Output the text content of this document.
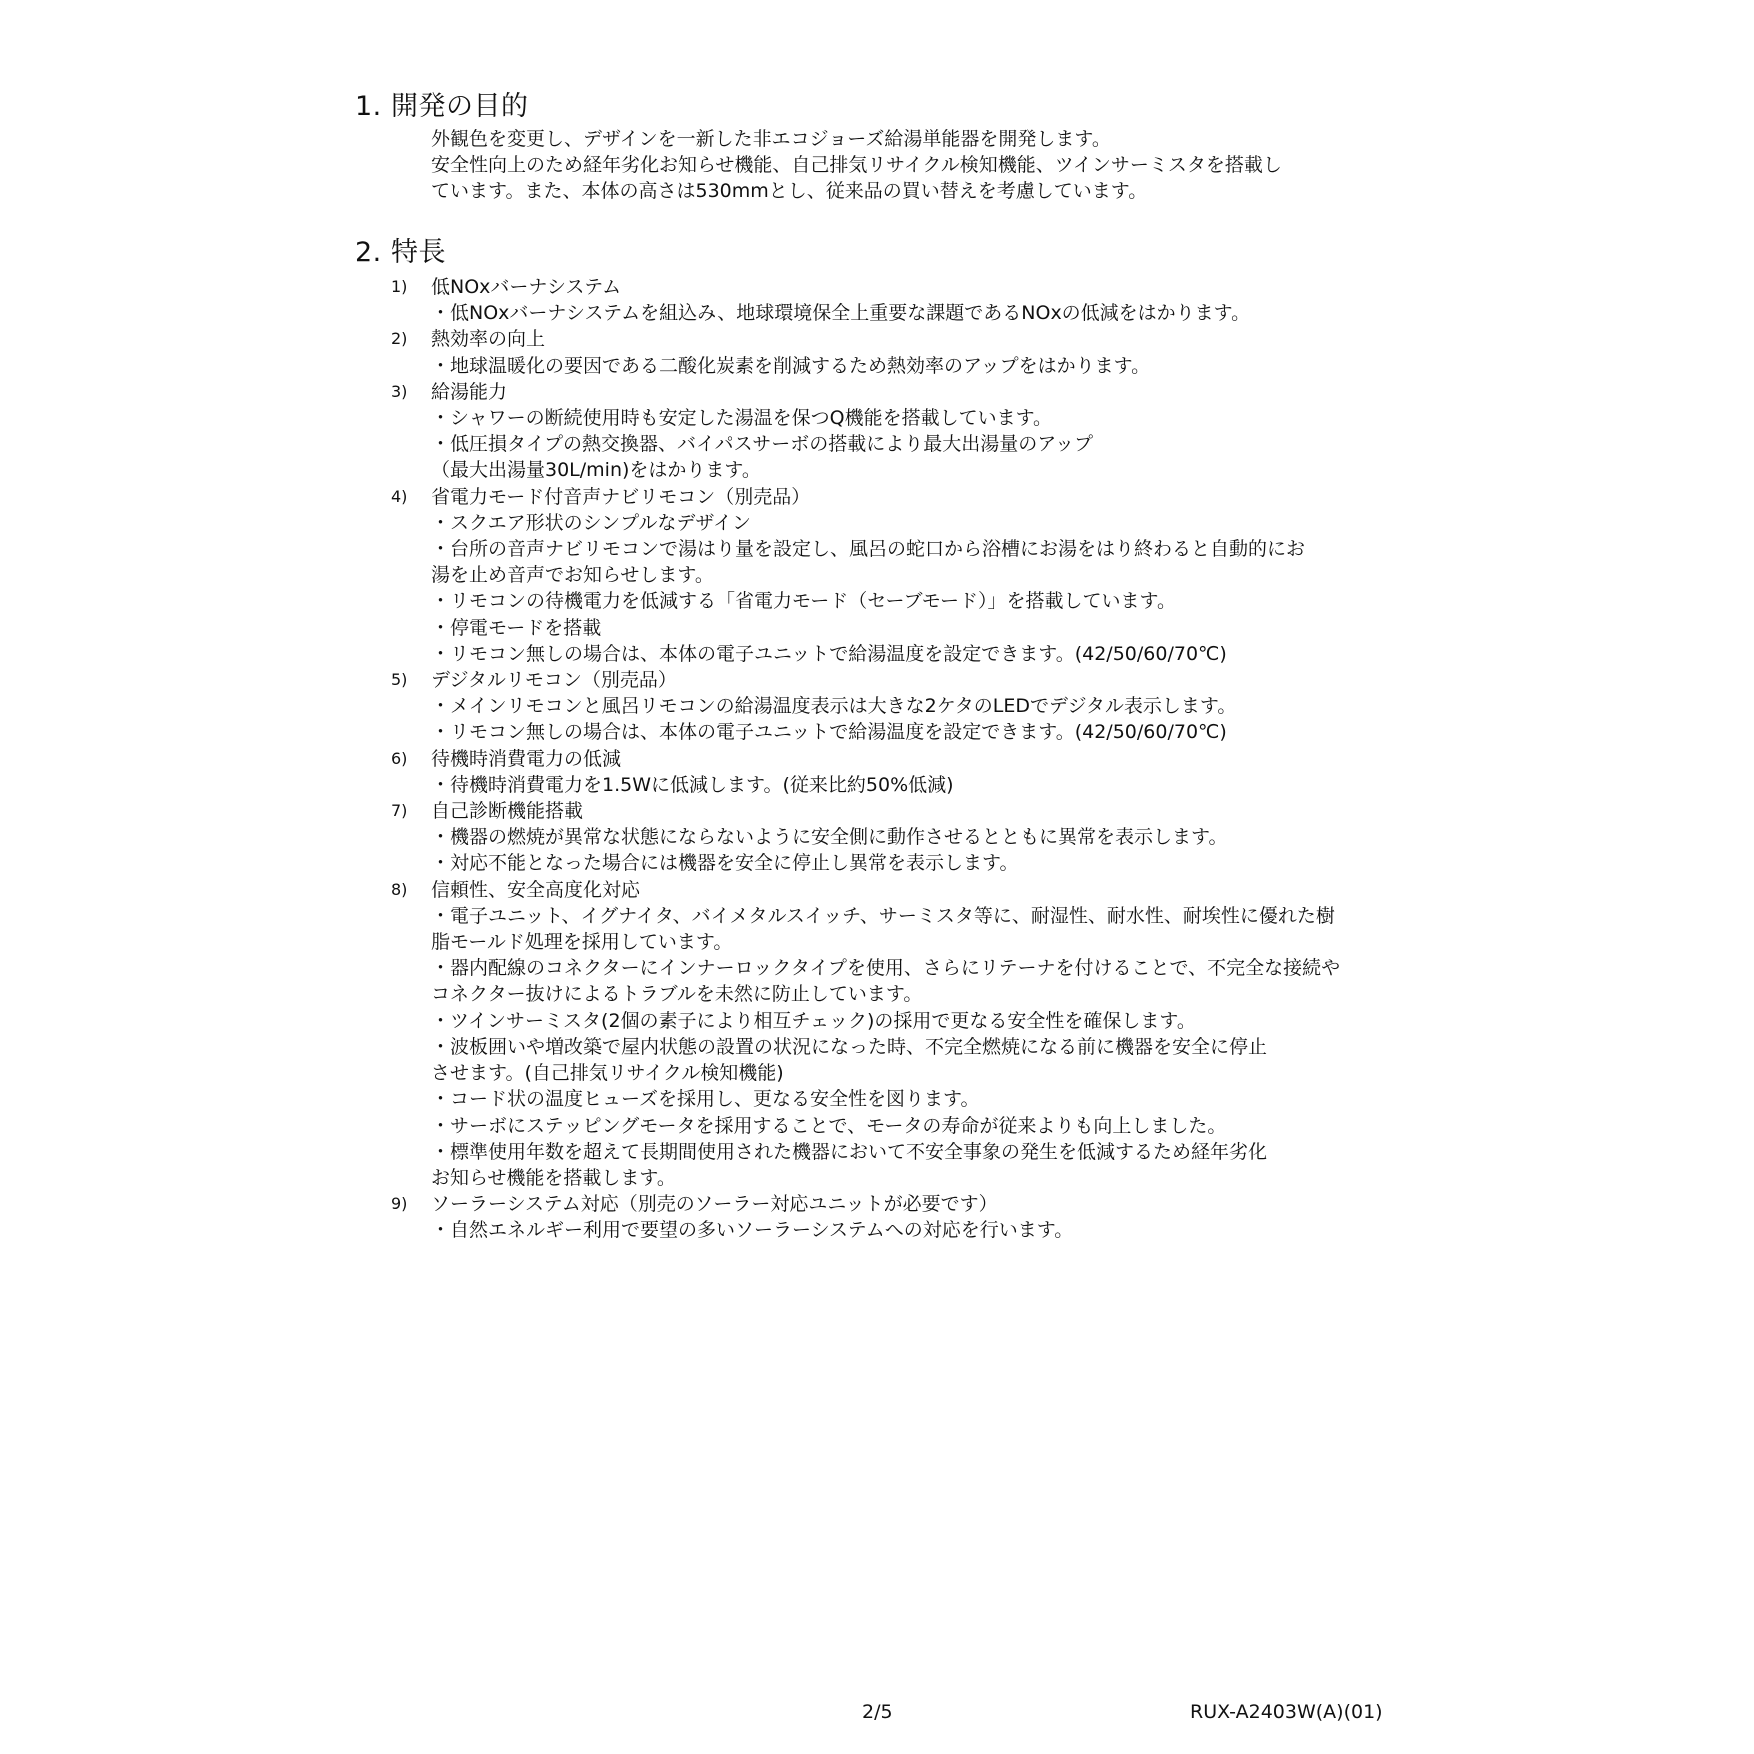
1. 開発の目的

外観色を変更し、デザインを一新した非エコジョーズ給湯単能器を開発します。

安全性向上のため経年劣化お知らせ機能、自己排気リサイクル検知機能、ツインサーミスタを搭載し

ています。また、本体の高さは530mmとし、従来品の買い替えを考慮しています。

2. 特長
1) 低NOxバーナシステム

・低NOxバーナシステムを組込み、地球環境保全上重要な課題であるNOxの低減をはかります。

2) 熱効率の向上

・地球温暖化の要因である二酸化炭素を削減するため熱効率のアップをはかります。

3) 給湯能力

・シャワーの断続使用時も安定した湯温を保つQ機能を搭載しています。

・低圧損タイプの熱交換器、バイパスサーボの搭載により最大出湯量のアップ

（最大出湯量30L/min)をはかります。

4) 省電力モード付音声ナビリモコン（別売品）

・スクエア形状のシンプルなデザイン

・台所の音声ナビリモコンで湯はり量を設定し、風呂の蛇口から浴槽にお湯をはり終わると自動的にお

湯を止め音声でお知らせします。

・リモコンの待機電力を低減する「省電力モード（セーブモード）」を搭載しています。

・停電モードを搭載

・リモコン無しの場合は、本体の電子ユニットで給湯温度を設定できます。(42/50/60/70℃)

5) デジタルリモコン（別売品）

・メインリモコンと風呂リモコンの給湯温度表示は大きな2ケタのLEDでデジタル表示します。

・リモコン無しの場合は、本体の電子ユニットで給湯温度を設定できます。(42/50/60/70℃)

6) 待機時消費電力の低減

・待機時消費電力を1.5Wに低減します。(従来比約50%低減)

7) 自己診断機能搭載

・機器の燃焼が異常な状態にならないように安全側に動作させるとともに異常を表示します。

・対応不能となった場合には機器を安全に停止し異常を表示します。

8) 信頼性、安全高度化対応

・電子ユニット、イグナイタ、バイメタルスイッチ、サーミスタ等に、耐湿性、耐水性、耐埃性に優れた樹

脂モールド処理を採用しています。

・器内配線のコネクターにインナーロックタイプを使用、さらにリテーナを付けることで、不完全な接続や

コネクター抜けによるトラブルを未然に防止しています。

・ツインサーミスタ(2個の素子により相互チェック)の採用で更なる安全性を確保します。

・波板囲いや増改築で屋内状態の設置の状況になった時、不完全燃焼になる前に機器を安全に停止

させます。(自己排気リサイクル検知機能)

・コード状の温度ヒューズを採用し、更なる安全性を図ります。

・サーボにステッピングモータを採用することで、モータの寿命が従来よりも向上しました。

・標準使用年数を超えて長期間使用された機器において不安全事象の発生を低減するため経年劣化

お知らせ機能を搭載します。

9) ソーラーシステム対応（別売のソーラー対応ユニットが必要です）

・自然エネルギー利用で要望の多いソーラーシステムへの対応を行います。

2/5	RUX-A2403W(A)(01)
